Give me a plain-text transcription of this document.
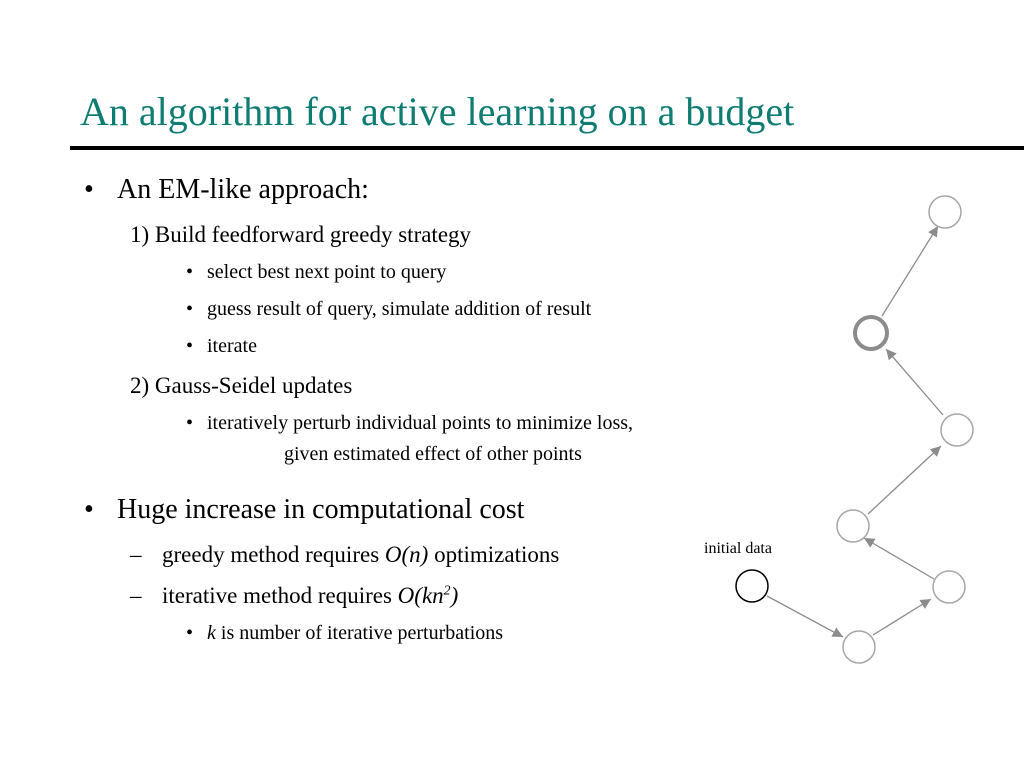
An algorithm for active learning on a budget
• An EM-like approach:
1) Build feedforward greedy strategy
• select best next point to query
• guess result of query, simulate addition of result
• iterate
2) Gauss-Seidel updates
• iteratively perturb individual points to minimize loss,
given estimated effect of other points
• Huge increase in computational cost
– greedy method requires O(n) optimizations
– iterative method requires $O(kn^2)$
• k is number of iterative perturbations
initial data
